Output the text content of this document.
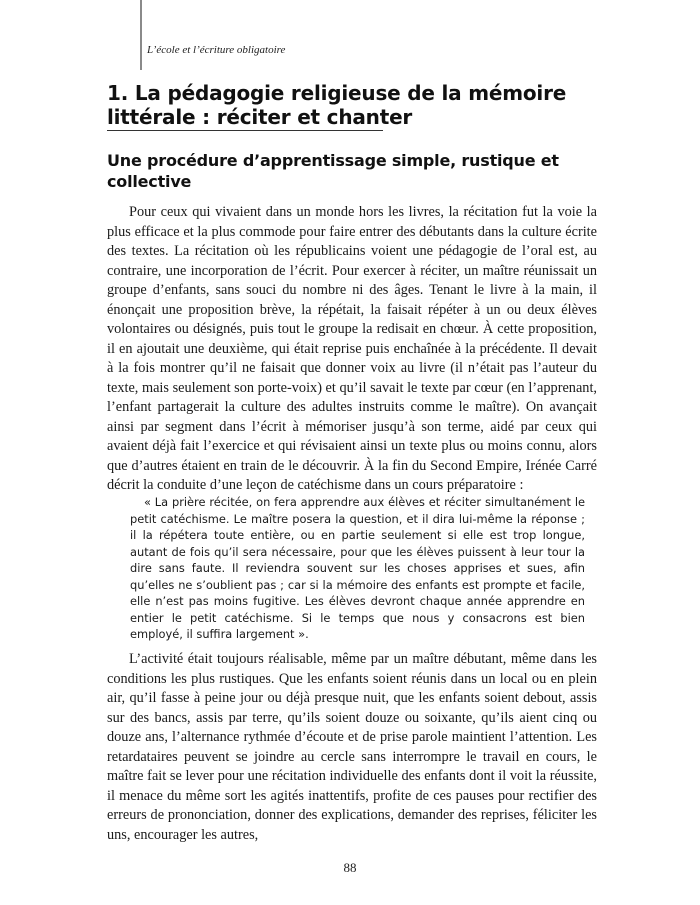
L’école et l’écriture obligatoire
1. La pédagogie religieuse de la mémoire littérale : réciter et chanter
Une procédure d’apprentissage simple, rustique et collective

Pour ceux qui vivaient dans un monde hors les livres, la récitation fut la voie la plus efficace et la plus commode pour faire entrer des débutants dans la culture écrite des textes. La récitation où les républicains voient une pédagogie de l’oral est, au contraire, une incorporation de l’écrit. Pour exercer à réciter, un maître réunissait un groupe d’enfants, sans souci du nombre ni des âges. Tenant le livre à la main, il énonçait une proposition brève, la répétait, la faisait répéter à un ou deux élèves volontaires ou désignés, puis tout le groupe la redisait en chœur. À cette proposition, il en ajoutait une deuxième, qui était reprise puis enchaînée à la précédente. Il devait à la fois montrer qu’il ne faisait que donner voix au livre (il n’était pas l’auteur du texte, mais seulement son porte-voix) et qu’il savait le texte par cœur (en l’apprenant, l’enfant partagerait la culture des adultes instruits comme le maître). On avançait ainsi par segment dans l’écrit à mémoriser jusqu’à son terme, aidé par ceux qui avaient déjà fait l’exercice et qui révisaient ainsi un texte plus ou moins connu, alors que d’autres étaient en train de le découvrir. À la fin du Second Empire, Irénée Carré décrit la conduite d’une leçon de catéchisme dans un cours préparatoire :

« La prière récitée, on fera apprendre aux élèves et réciter simultanément le petit catéchisme. Le maître posera la question, et il dira lui-même la réponse ; il la répétera toute entière, ou en partie seulement si elle est trop longue, autant de fois qu’il sera nécessaire, pour que les élèves puissent à leur tour la dire sans faute. Il reviendra souvent sur les choses apprises et sues, afin qu’elles ne s’oublient pas ; car si la mémoire des enfants est prompte et facile, elle n’est pas moins fugitive. Les élèves devront chaque année apprendre en entier le petit catéchisme. Si le temps que nous y consacrons est bien employé, il suffira largement ».

L’activité était toujours réalisable, même par un maître débutant, même dans les conditions les plus rustiques. Que les enfants soient réunis dans un local ou en plein air, qu’il fasse à peine jour ou déjà presque nuit, que les enfants soient debout, assis sur des bancs, assis par terre, qu’ils soient douze ou soixante, qu’ils aient cinq ou douze ans, l’alternance rythmée d’écoute et de prise parole maintient l’attention. Les retardataires peuvent se joindre au cercle sans interrompre le travail en cours, le maître fait se lever pour une récitation individuelle des enfants dont il voit la réussite, il menace du même sort les agités inattentifs, profite de ces pauses pour rectifier des erreurs de prononciation, donner des explications, demander des reprises, féliciter les uns, encourager les autres,

88
